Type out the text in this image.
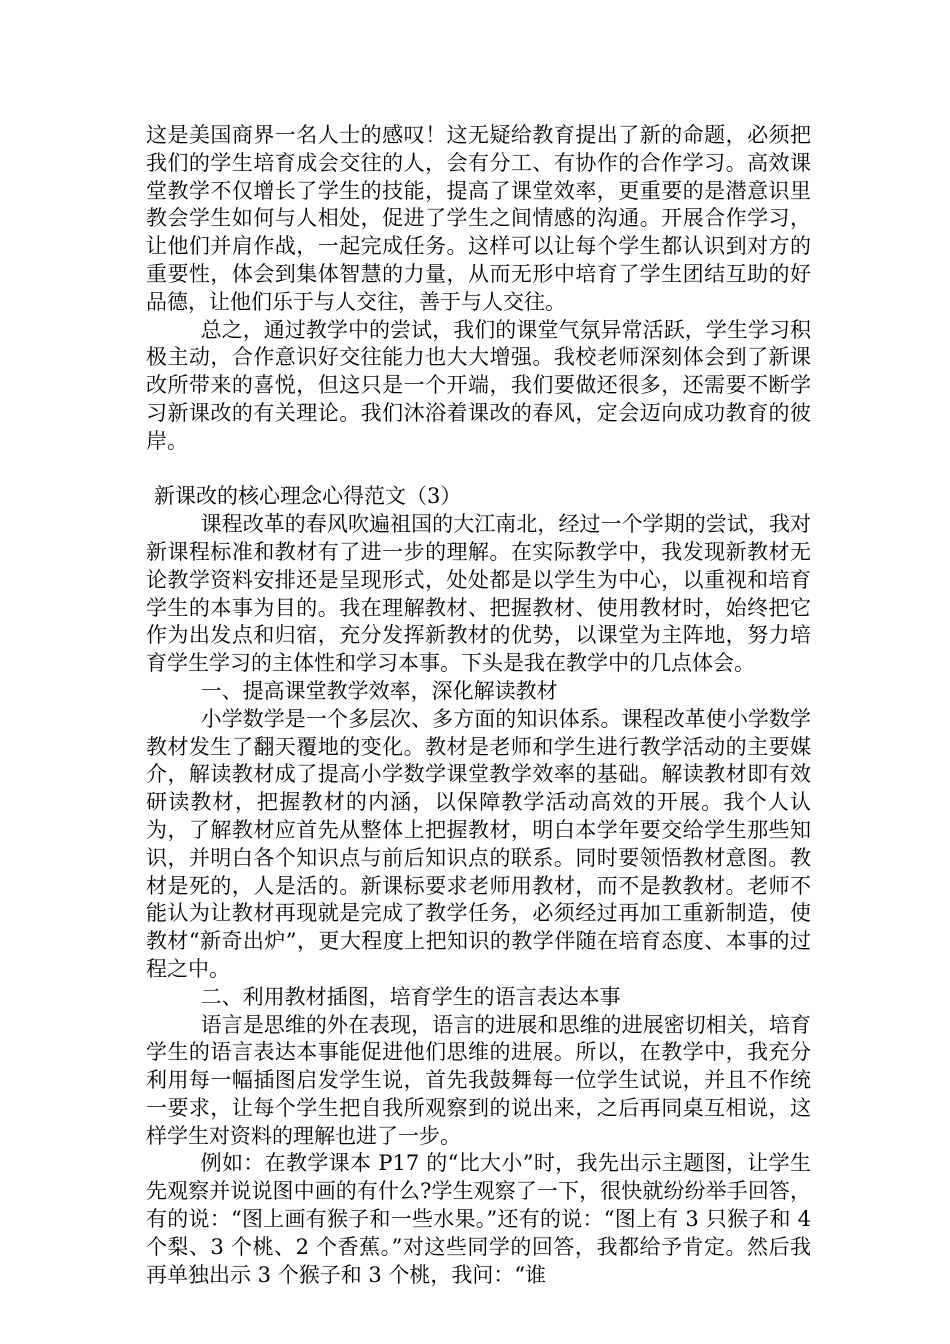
这是美国商界一名人士的感叹！这无疑给教育提出了新的命题，必须把我们的学生培育成会交往的人，会有分工、有协作的合作学习。高效课堂教学不仅增长了学生的技能，提高了课堂效率，更重要的是潜意识里教会学生如何与人相处，促进了学生之间情感的沟通。开展合作学习，让他们并肩作战，一起完成任务。这样可以让每个学生都认识到对方的重要性，体会到集体智慧的力量，从而无形中培育了学生团结互助的好品德，让他们乐于与人交往，善于与人交往。

总之，通过教学中的尝试，我们的课堂气氛异常活跃，学生学习积极主动，合作意识好交往能力也大大增强。我校老师深刻体会到了新课改所带来的喜悦，但这只是一个开端，我们要做还很多，还需要不断学习新课改的有关理论。我们沐浴着课改的春风，定会迈向成功教育的彼岸。

新课改的核心理念心得范文（3）

课程改革的春风吹遍祖国的大江南北，经过一个学期的尝试，我对新课程标准和教材有了进一步的理解。在实际教学中，我发现新教材无论教学资料安排还是呈现形式，处处都是以学生为中心，以重视和培育学生的本事为目的。我在理解教材、把握教材、使用教材时，始终把它作为出发点和归宿，充分发挥新教材的优势，以课堂为主阵地，努力培育学生学习的主体性和学习本事。下头是我在教学中的几点体会。

一、提高课堂教学效率，深化解读教材

小学数学是一个多层次、多方面的知识体系。课程改革使小学数学教材发生了翻天覆地的变化。教材是老师和学生进行教学活动的主要媒介，解读教材成了提高小学数学课堂教学效率的基础。解读教材即有效研读教材，把握教材的内涵，以保障教学活动高效的开展。我个人认为，了解教材应首先从整体上把握教材，明白本学年要交给学生那些知识，并明白各个知识点与前后知识点的联系。同时要领悟教材意图。教材是死的，人是活的。新课标要求老师用教材，而不是教教材。老师不能认为让教材再现就是完成了教学任务，必须经过再加工重新制造，使教材“新奇出炉”，更大程度上把知识的教学伴随在培育态度、本事的过程之中。

二、利用教材插图，培育学生的语言表达本事

语言是思维的外在表现，语言的进展和思维的进展密切相关，培育学生的语言表达本事能促进他们思维的进展。所以，在教学中，我充分利用每一幅插图启发学生说，首先我鼓舞每一位学生试说，并且不作统一要求，让每个学生把自我所观察到的说出来，之后再同桌互相说，这样学生对资料的理解也进了一步。

例如：在教学课本 P17 的“比大小”时，我先出示主题图，让学生先观察并说说图中画的有什么?学生观察了一下，很快就纷纷举手回答，有的说：“图上画有猴子和一些水果。”还有的说：“图上有 3 只猴子和 4 个梨、3 个桃、2 个香蕉。”对这些同学的回答，我都给予肯定。然后我再单独出示 3 个猴子和 3 个桃，我问：“谁
